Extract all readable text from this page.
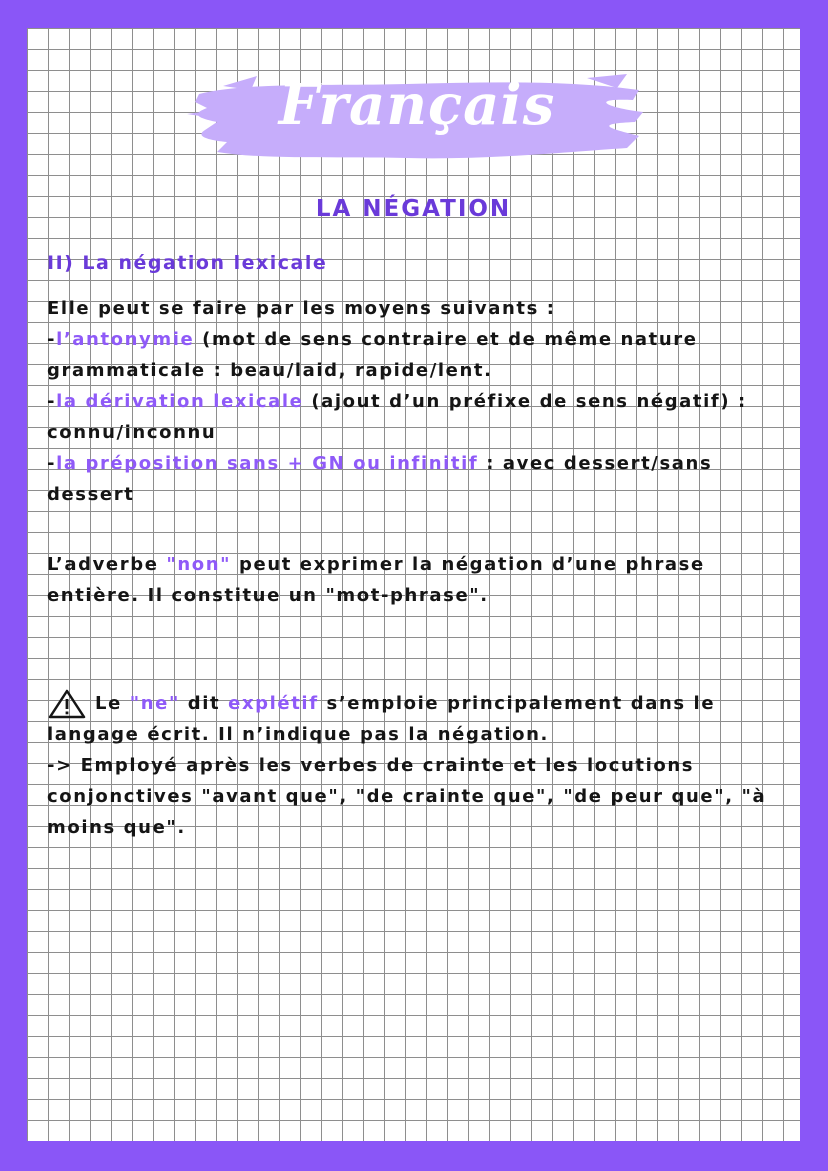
Français
LA NÉGATION
II) La négation lexicale

Elle peut se faire par les moyens suivants :
-l’antonymie (mot de sens contraire et de même nature grammaticale : beau/laid, rapide/lent.
-la dérivation lexicale (ajout d’un préfixe de sens négatif) : connu/inconnu
-la préposition sans + GN ou infinitif : avec dessert/sans dessert

L’adverbe "non" peut exprimer la négation d’une phrase entière. Il constitue un "mot-phrase".

Le "ne" dit explétif s’emploie principalement dans le langage écrit. Il n’indique pas la négation.
-> Employé après les verbes de crainte et les locutions conjonctives "avant que", "de crainte que", "de peur que", "à moins que".
